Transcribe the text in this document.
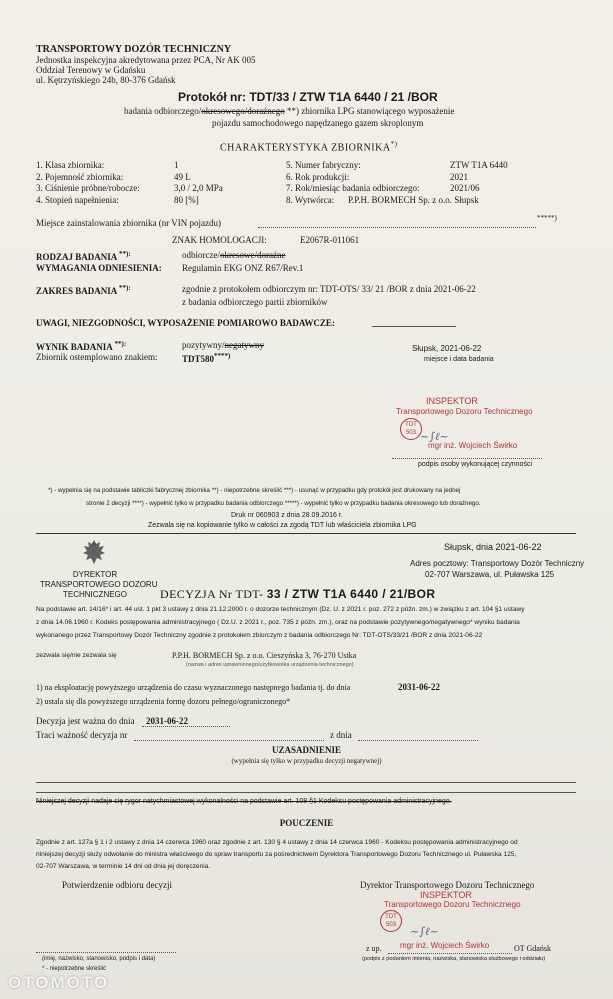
TRANSPORTOWY DOZÓR TECHNICZNY
Jednostka inspekcyjna akredytowana przez PCA, Nr AK 005
Oddział Terenowy w Gdańsku
ul. Kętrzyńskiego 24b, 80-376 Gdańsk
Protokół nr: TDT/33 / ZTW T1A 6440 / 21 /BOR
badania odbiorczego/okresowego/doraźnego **) zbiornika LPG stanowiącego wyposażenie
pojazdu samochodowego napędzanego gazem skroplonym
CHARAKTERYSTYKA ZBIORNIKA*)
1. Klasa zbiornika:	1
2. Pojemność zbiornika:	49 L
3. Ciśnienie próbne/robocze:	3,0 / 2,0 MPa
4. Stopień napełnienia:	80 [%]
5. Numer fabryczny:	ZTW T1A 6440
6. Rok produkcji:	2021
7. Rok/miesiąc badania odbiorczego:	2021/06
8. Wytwórca: P.P.H. BORMECH Sp. z o.o. Słupsk
Miejsce zainstalowania zbiornika (nr VIN pojazdu)	*****)
ZNAK HOMOLOGACJI:	E2067R-011061
RODZAJ BADANIA **):	odbiorcze/okresowe/doraźne
WYMAGANIA ODNIESIENIA: Regulamin EKG ONZ R67/Rev.1
ZAKRES BADANIA **):	zgodnie z protokołem odbiorczym nr: TDT-OTS/ 33/ 21 /BOR z dnia 2021-06-22
z badania odbiorczego partii zbiorników
UWAGI, NIEZGODNOŚCI, WYPOSAŻENIE POMIAROWO BADAWCZE:
WYNIK BADANIA **):	pozytywny/negatywny
Zbiornik ostemplowano znakiem:	TDT580****)
Słupsk, 2021-06-22
miejsce i data badania
INSPEKTOR
Transportowego Dozoru Technicznego
TDT
503
mgr inż. Wojciech Świrko
~∫ℓ~
podpis osoby wykonującej czynności
*) - wypełnia się na podstawie tabliczki fabrycznej zbiornika **) - niepotrzebne skreślić ***) - usunąć w przypadku gdy protokół jest drukowany na jednej
stronie 2 decyzji ****) - wypełnić tylko w przypadku badania odbiorczego *****) - wypełnić tylko w przypadku badania okresowego lub doraźnego.
Druk nr 060903 z dnia 28.09.2016 r.
Zezwala się na kopiowanie tylko w całości za zgodą TDT lub właściciela zbiornika LPG
DYREKTOR
TRANSPORTOWEGO DOZORU
TECHNICZNEGO
Słupsk, dnia 2021-06-22
Adres pocztowy: Transportowy Dozór Techniczny
02-707 Warszawa, ul. Puławska 125
DECYZJA Nr TDT- 33 / ZTW T1A 6440 / 21/BOR
Na podstawie art. 14/16* i art. 44 ust. 1 pkt 3 ustawy z dnia 21.12.2000 r. o dozorze technicznym (Dz. U. z 2021 r. poz. 272 z późn. zm.) w związku z art. 104 §1 ustawy
z dnia 14.06.1960 r. Kodeks postępowania administracyjnego ( Dz.U. z 2021 r., poz. 735 z późn. zm.), oraz na podstawie pozytywnego/negatywnego* wyniku badania
wykonanego przez Transportowy Dozór Techniczny zgodnie z protokołem zbiorczym z badania odbiorczego Nr: TDT-OTS/33/21 /BOR z dnia 2021-06-22
zezwala się/nie zezwala się	P.P.H. BORMECH Sp. z o.o. Cieszyńska 3, 76-270 Ustka
(nazwa i adres uprawnionego/użytkownika urządzenia technicznego)
1) na eksploatację powyższego urządzenia do czasu wyznaczonego następnego badania tj. do dnia	2031-06-22
2) ustala się dla powyższego urządzenia formę dozoru pełnego/ograniczonego*
Decyzja jest ważna do dnia 2031-06-22
Traci ważność decyzja nr	z dnia
UZASADNIENIE
(wypełnia się tylko w przypadku decyzji negatywnej)
Niniejszej decyzji nadaje się rygor natychmiastowej wykonalności na podstawie art. 108 §1 Kodeksu postępowania administracyjnego.
POUCZENIE
Zgodnie z art. 127a § 1 i 2 ustawy z dnia 14 czerwca 1960 oraz zgodnie z art. 130 § 4 ustawy z dnia 14 czerwca 1960 - Kodeksu postępowania administracyjnego od
niniejszej decyzji służy odwołanie do ministra właściwego do spraw transportu za pośrednictwem Dyrektora Transportowego Dozoru Technicznego ul. Puławska 125,
02-707 Warszawa, w terminie 14 dni od dnia jej doręczenia.
Potwierdzenie odbioru decyzji	Dyrektor Transportowego Dozoru Technicznego
INSPEKTOR
Transportowego Dozoru Technicznego
TDT
503	~∫ℓ~
z up. mgr inż. Wojciech Świrko	OT Gdańsk
(imię, nazwisko, stanowisko, podpis i data)
* - niepotrzebne skreślić
(podpis z podaniem imienia, nazwiska, stanowiska służbowego i oddziału)
OTOMOTO
